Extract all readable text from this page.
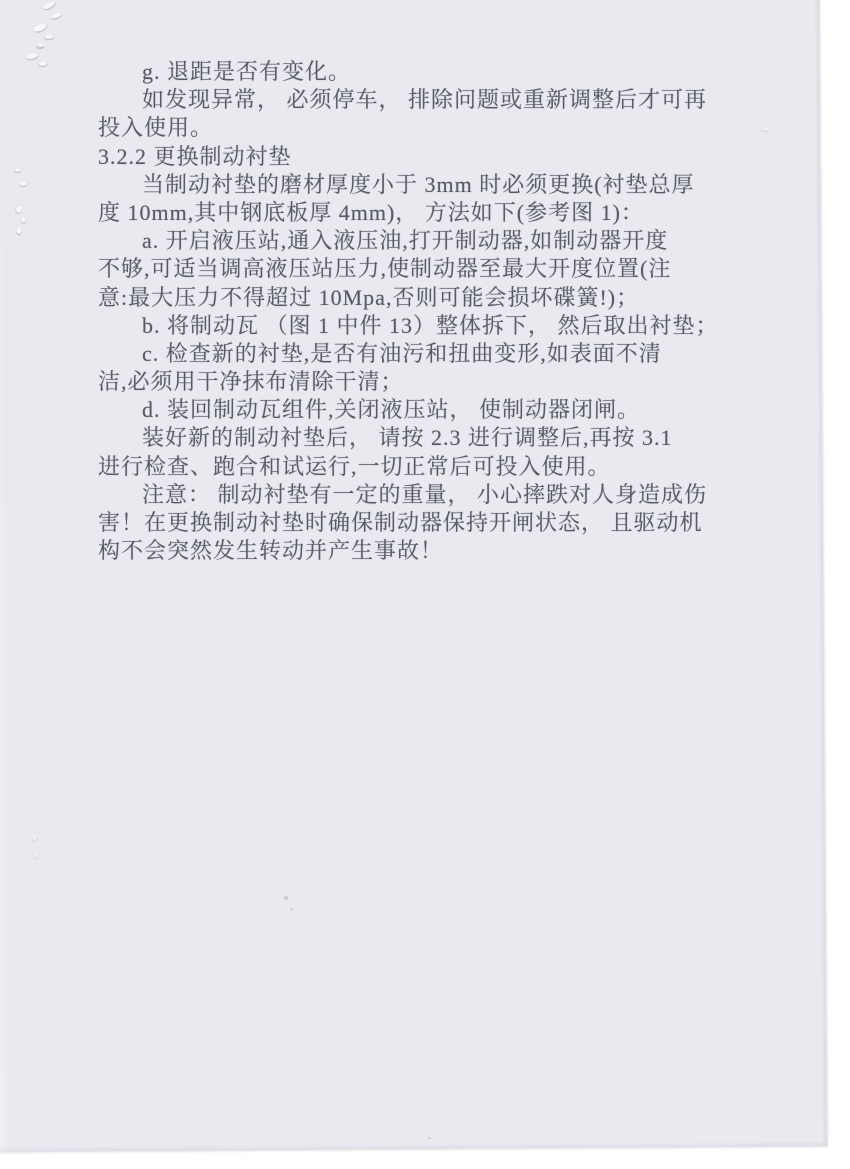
g. 退距是否有变化。
如发现异常， 必须停车， 排除问题或重新调整后才可再
投入使用。
3.2.2 更换制动衬垫
当制动衬垫的磨材厚度小于 3mm 时必须更换(衬垫总厚
度 10mm,其中钢底板厚 4mm)， 方法如下(参考图 1)：
a. 开启液压站,通入液压油,打开制动器,如制动器开度
不够,可适当调高液压站压力,使制动器至最大开度位置(注
意:最大压力不得超过 10Mpa,否则可能会损坏碟簧!)；
b. 将制动瓦 （图 1 中件 13）整体拆下， 然后取出衬垫；
c. 检查新的衬垫,是否有油污和扭曲变形,如表面不清
洁,必须用干净抹布清除干清；
d. 装回制动瓦组件,关闭液压站， 使制动器闭闸。
装好新的制动衬垫后， 请按 2.3 进行调整后,再按 3.1
进行检查、跑合和试运行,一切正常后可投入使用。
注意： 制动衬垫有一定的重量， 小心摔跌对人身造成伤
害！在更换制动衬垫时确保制动器保持开闸状态， 且驱动机
构不会突然发生转动并产生事故！
